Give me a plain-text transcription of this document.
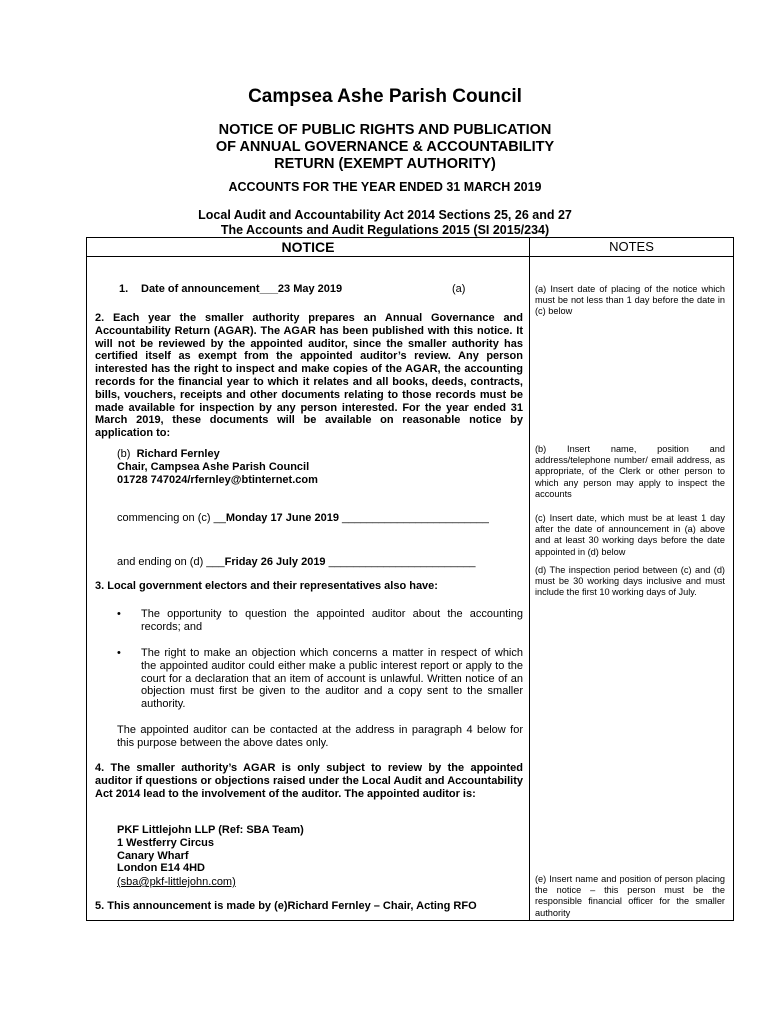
Campsea Ashe Parish Council
NOTICE OF PUBLIC RIGHTS AND PUBLICATION
OF ANNUAL GOVERNANCE & ACCOUNTABILITY
RETURN (EXEMPT AUTHORITY)
ACCOUNTS FOR THE YEAR ENDED 31 MARCH 2019
Local Audit and Accountability Act 2014 Sections 25, 26 and 27
The Accounts and Audit Regulations 2015 (SI 2015/234)
NOTICE	NOTES
1. Date of announcement___23 May 2019	(a)
2. Each year the smaller authority prepares an Annual Governance and Accountability Return (AGAR). The AGAR has been published with this notice. It will not be reviewed by the appointed auditor, since the smaller authority has certified itself as exempt from the appointed auditor’s review. Any person interested has the right to inspect and make copies of the AGAR, the accounting records for the financial year to which it relates and all books, deeds, contracts, bills, vouchers, receipts and other documents relating to those records must be made available for inspection by any person interested. For the year ended 31 March 2019, these documents will be available on reasonable notice by application to:
(b) Richard Fernley
Chair, Campsea Ashe Parish Council
01728 747024/rfernley@btinternet.com
commencing on (c) __Monday 17 June 2019 ________________________
and ending on (d) ___Friday 26 July 2019 ________________________
3. Local government electors and their representatives also have:
• The opportunity to question the appointed auditor about the accounting records; and
• The right to make an objection which concerns a matter in respect of which the appointed auditor could either make a public interest report or apply to the court for a declaration that an item of account is unlawful. Written notice of an objection must first be given to the auditor and a copy sent to the smaller authority.
The appointed auditor can be contacted at the address in paragraph 4 below for this purpose between the above dates only.
4. The smaller authority’s AGAR is only subject to review by the appointed auditor if questions or objections raised under the Local Audit and Accountability Act 2014 lead to the involvement of the auditor. The appointed auditor is:
PKF Littlejohn LLP (Ref: SBA Team)
1 Westferry Circus
Canary Wharf
London E14 4HD
(sba@pkf-littlejohn.com)
5. This announcement is made by (e)Richard Fernley – Chair, Acting RFO
(a) Insert date of placing of the notice which must be not less than 1 day before the date in (c) below
(b) Insert name, position and address/telephone number/ email address, as appropriate, of the Clerk or other person to which any person may apply to inspect the accounts
(c) Insert date, which must be at least 1 day after the date of announcement in (a) above and at least 30 working days before the date appointed in (d) below
(d) The inspection period between (c) and (d) must be 30 working days inclusive and must include the first 10 working days of July.
(e) Insert name and position of person placing the notice – this person must be the responsible financial officer for the smaller authority
